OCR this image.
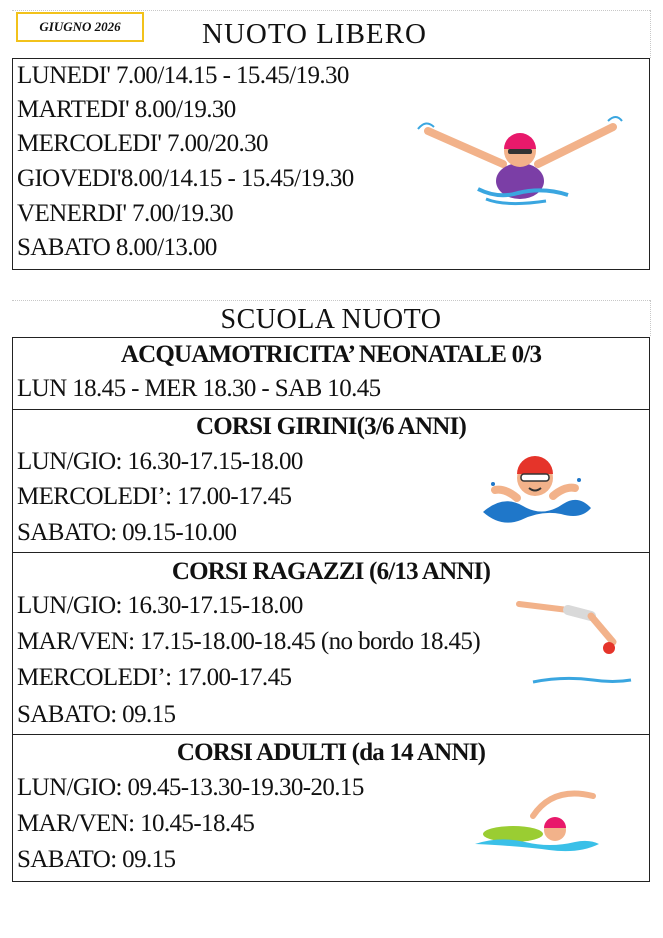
GIUGNO 2026	NUOTO LIBERO
LUNEDI' 7.00/14.15 - 15.45/19.30
MARTEDI' 8.00/19.30
MERCOLEDI' 7.00/20.30
GIOVEDI'8.00/14.15 - 15.45/19.30
VENERDI' 7.00/19.30
SABATO 8.00/13.00
SCUOLA NUOTO
ACQUAMOTRICITA’ NEONATALE 0/3
LUN 18.45 - MER 18.30 - SAB 10.45
CORSI GIRINI(3/6 ANNI)
LUN/GIO: 16.30-17.15-18.00
MERCOLEDI’: 17.00-17.45
SABATO: 09.15-10.00
CORSI RAGAZZI (6/13 ANNI)
LUN/GIO: 16.30-17.15-18.00
MAR/VEN: 17.15-18.00-18.45 (no bordo 18.45)
MERCOLEDI’: 17.00-17.45
SABATO: 09.15
CORSI ADULTI (da 14 ANNI)
LUN/GIO: 09.45-13.30-19.30-20.15
MAR/VEN: 10.45-18.45
SABATO: 09.15
